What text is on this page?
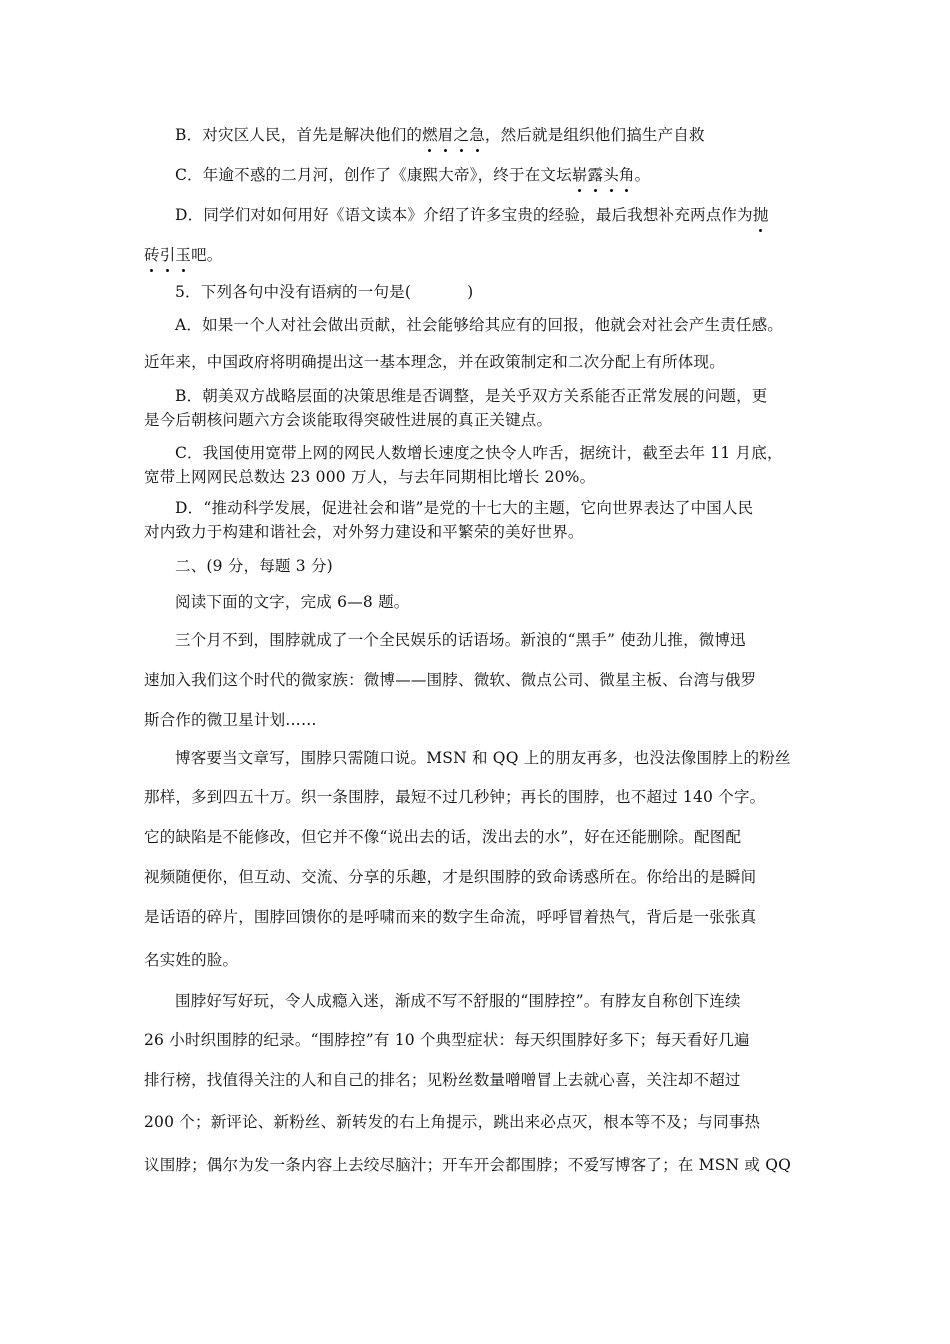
B．对灾区人民，首先是解决他们的燃眉之急，然后就是组织他们搞生产自救
C．年逾不惑的二月河，创作了《康熙大帝》，终于在文坛崭露头角。
D．同学们对如何用好《语文读本》介绍了许多宝贵的经验，最后我想补充两点作为抛
砖引玉吧。
5．下列各句中没有语病的一句是(	)
A．如果一个人对社会做出贡献，社会能够给其应有的回报，他就会对社会产生责任感。
近年来，中国政府将明确提出这一基本理念，并在政策制定和二次分配上有所体现。
B．朝美双方战略层面的决策思维是否调整，是关乎双方关系能否正常发展的问题，更
是今后朝核问题六方会谈能取得突破性进展的真正关键点。
C．我国使用宽带上网的网民人数增长速度之快令人咋舌，据统计，截至去年 11 月底，
宽带上网网民总数达 23 000 万人，与去年同期相比增长 20%。
D．“推动科学发展，促进社会和谐”是党的十七大的主题，它向世界表达了中国人民
对内致力于构建和谐社会，对外努力建设和平繁荣的美好世界。
二、(9 分，每题 3 分)
阅读下面的文字，完成 6—8 题。
三个月不到，围脖就成了一个全民娱乐的话语场。新浪的“黑手” 使劲儿推，微博迅
速加入我们这个时代的微家族：微博——围脖、微软、微点公司、微星主板、台湾与俄罗
斯合作的微卫星计划……
博客要当文章写，围脖只需随口说。MSN 和 QQ 上的朋友再多，也没法像围脖上的粉丝
那样，多到四五十万。织一条围脖，最短不过几秒钟；再长的围脖，也不超过 140 个字。
它的缺陷是不能修改，但它并不像“说出去的话，泼出去的水”，好在还能删除。配图配
视频随便你，但互动、交流、分享的乐趣，才是织围脖的致命诱惑所在。你给出的是瞬间
是话语的碎片，围脖回馈你的是呼啸而来的数字生命流，呼呼冒着热气，背后是一张张真
名实姓的脸。
围脖好写好玩，令人成瘾入迷，渐成不写不舒服的“围脖控”。有脖友自称创下连续
26 小时织围脖的纪录。“围脖控”有 10 个典型症状：每天织围脖好多下；每天看好几遍
排行榜，找值得关注的人和自己的排名；见粉丝数量噌噌冒上去就心喜，关注却不超过
200 个；新评论、新粉丝、新转发的右上角提示，跳出来必点灭，根本等不及；与同事热
议围脖；偶尔为发一条内容上去绞尽脑汁；开车开会都围脖；不爱写博客了；在 MSN 或 QQ
